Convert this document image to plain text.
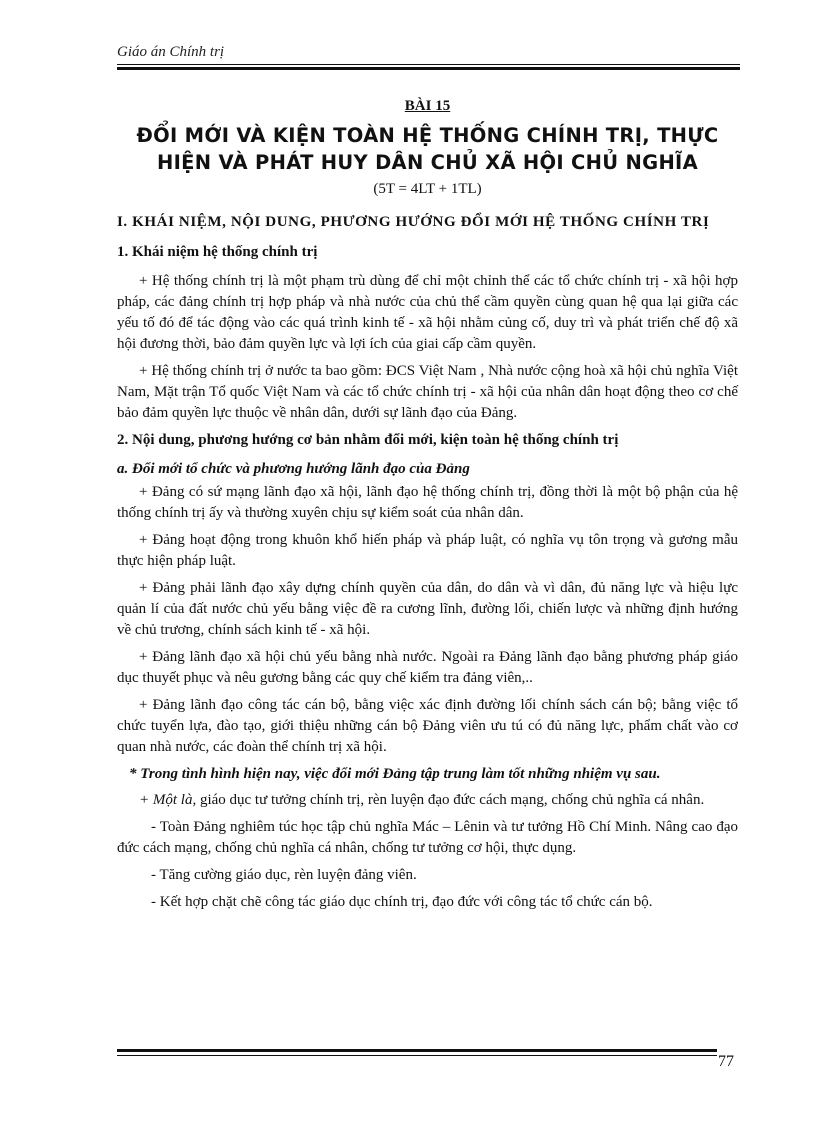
Giáo án Chính trị
BÀI 15
ĐỔI MỚI VÀ KIỆN TOÀN HỆ THỐNG CHÍNH TRỊ, THỰC
HIỆN VÀ PHÁT HUY DÂN CHỦ XÃ HỘI CHỦ NGHĨA
(5T = 4LT + 1TL)
I. KHÁI NIỆM, NỘI DUNG, PHƯƠNG HƯỚNG ĐỔI MỚI HỆ THỐNG CHÍNH TRỊ
1. Khái niệm hệ thống chính trị

+ Hệ thống chính trị là một phạm trù dùng để chỉ một chỉnh thể các tổ chức chính trị - xã hội hợp pháp, các đảng chính trị hợp pháp và nhà nước của chủ thể cầm quyền cùng quan hệ qua lại giữa các yếu tố đó để tác động vào các quá trình kinh tế - xã hội nhằm củng cố, duy trì và phát triển chế độ xã hội đương thời, bảo đảm quyền lực và lợi ích của giai cấp cầm quyền.

+ Hệ thống chính trị ở nước ta bao gồm: ĐCS Việt Nam , Nhà nước cộng hoà xã hội chủ nghĩa Việt Nam, Mặt trận Tổ quốc Việt Nam và các tổ chức chính trị - xã hội của nhân dân hoạt động theo cơ chế bảo đảm quyền lực thuộc về nhân dân, dưới sự lãnh đạo của Đảng.

2. Nội dung, phương hướng cơ bản nhằm đổi mới, kiện toàn hệ thống chính trị
a. Đổi mới tổ chức và phương hướng lãnh đạo của Đảng

+ Đảng có sứ mạng lãnh đạo xã hội, lãnh đạo hệ thống chính trị, đồng thời là một bộ phận của hệ thống chính trị ấy và thường xuyên chịu sự kiểm soát của nhân dân.

+ Đảng hoạt động trong khuôn khổ hiến pháp và pháp luật, có nghĩa vụ tôn trọng và gương mẫu thực hiện pháp luật.

+ Đảng phải lãnh đạo xây dựng chính quyền của dân, do dân và vì dân, đủ năng lực và hiệu lực quản lí của đất nước chủ yếu bằng việc đề ra cương lĩnh, đường lối, chiến lược và những định hướng về chủ trương, chính sách kinh tế - xã hội.

+ Đảng lãnh đạo xã hội chủ yếu bằng nhà nước. Ngoài ra Đảng lãnh đạo bằng phương pháp giáo dục thuyết phục và nêu gương bằng các quy chế kiểm tra đảng viên,..

+ Đảng lãnh đạo công tác cán bộ, bằng việc xác định đường lối chính sách cán bộ; bằng việc tổ chức tuyển lựa, đào tạo, giới thiệu những cán bộ Đảng viên ưu tú có đủ năng lực, phẩm chất vào cơ quan nhà nước, các đoàn thể chính trị xã hội.

* Trong tình hình hiện nay, việc đổi mới Đảng tập trung làm tốt những nhiệm vụ sau.

+ Một là, giáo dục tư tưởng chính trị, rèn luyện đạo đức cách mạng, chống chủ nghĩa cá nhân.

- Toàn Đảng nghiêm túc học tập chủ nghĩa Mác – Lênin và tư tưởng Hồ Chí Minh. Nâng cao đạo đức cách mạng, chống chủ nghĩa cá nhân, chống tư tưởng cơ hội, thực dụng.

- Tăng cường giáo dục, rèn luyện đảng viên.

- Kết hợp chặt chẽ công tác giáo dục chính trị, đạo đức với công tác tổ chức cán bộ.

77
